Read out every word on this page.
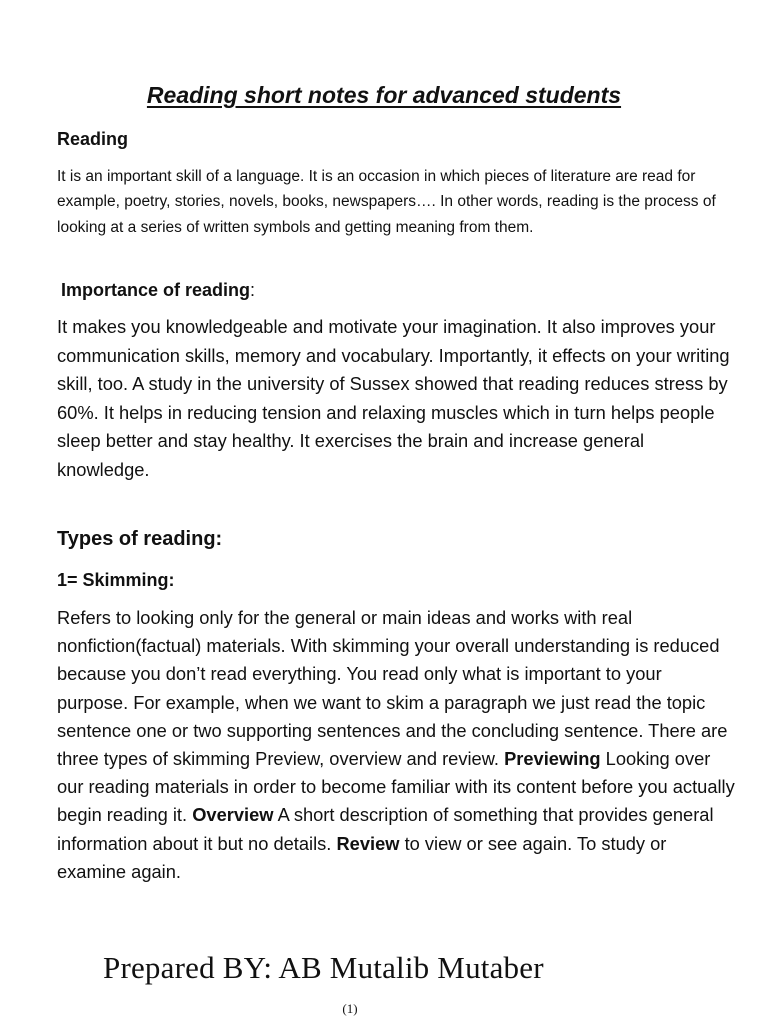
Reading short notes for advanced students
Reading

It is an important skill of a language. It is an occasion in which pieces of literature are read for example, poetry, stories, novels, books, newspapers…. In other words, reading is the process of looking at a series of written symbols and getting meaning from them.

Importance of reading:

It makes you knowledgeable and motivate your imagination. It also improves your communication skills, memory and vocabulary. Importantly, it effects on your writing skill, too. A study in the university of Sussex showed that reading reduces stress by 60%. It helps in reducing tension and relaxing muscles which in turn helps people sleep better and stay healthy. It exercises the brain and increase general knowledge.

Types of reading:
1= Skimming:

Refers to looking only for the general or main ideas and works with real nonfiction(factual) materials. With skimming your overall understanding is reduced because you don’t read everything. You read only what is important to your purpose. For example, when we want to skim a paragraph we just read the topic sentence one or two supporting sentences and the concluding sentence. There are three types of skimming Preview, overview and review. Previewing Looking over our reading materials in order to become familiar with its content before you actually begin reading it. Overview A short description of something that provides general information about it but no details. Review to view or see again. To study or examine again.

Prepared BY: AB Mutalib Mutaber
(1)
